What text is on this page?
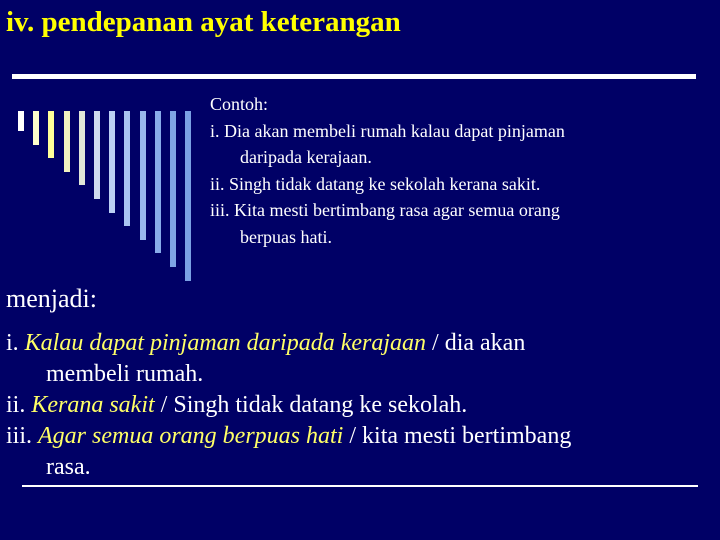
iv. pendepanan ayat keterangan
Contoh:
i. Dia akan membeli rumah kalau dapat pinjaman
daripada kerajaan.
ii. Singh tidak datang ke sekolah kerana sakit.
iii. Kita mesti bertimbang rasa agar semua orang
berpuas hati.
menjadi:
i. Kalau dapat pinjaman daripada kerajaan / dia akan
membeli rumah.
ii. Kerana sakit / Singh tidak datang ke sekolah.
iii. Agar semua orang berpuas hati / kita mesti bertimbang
rasa.
